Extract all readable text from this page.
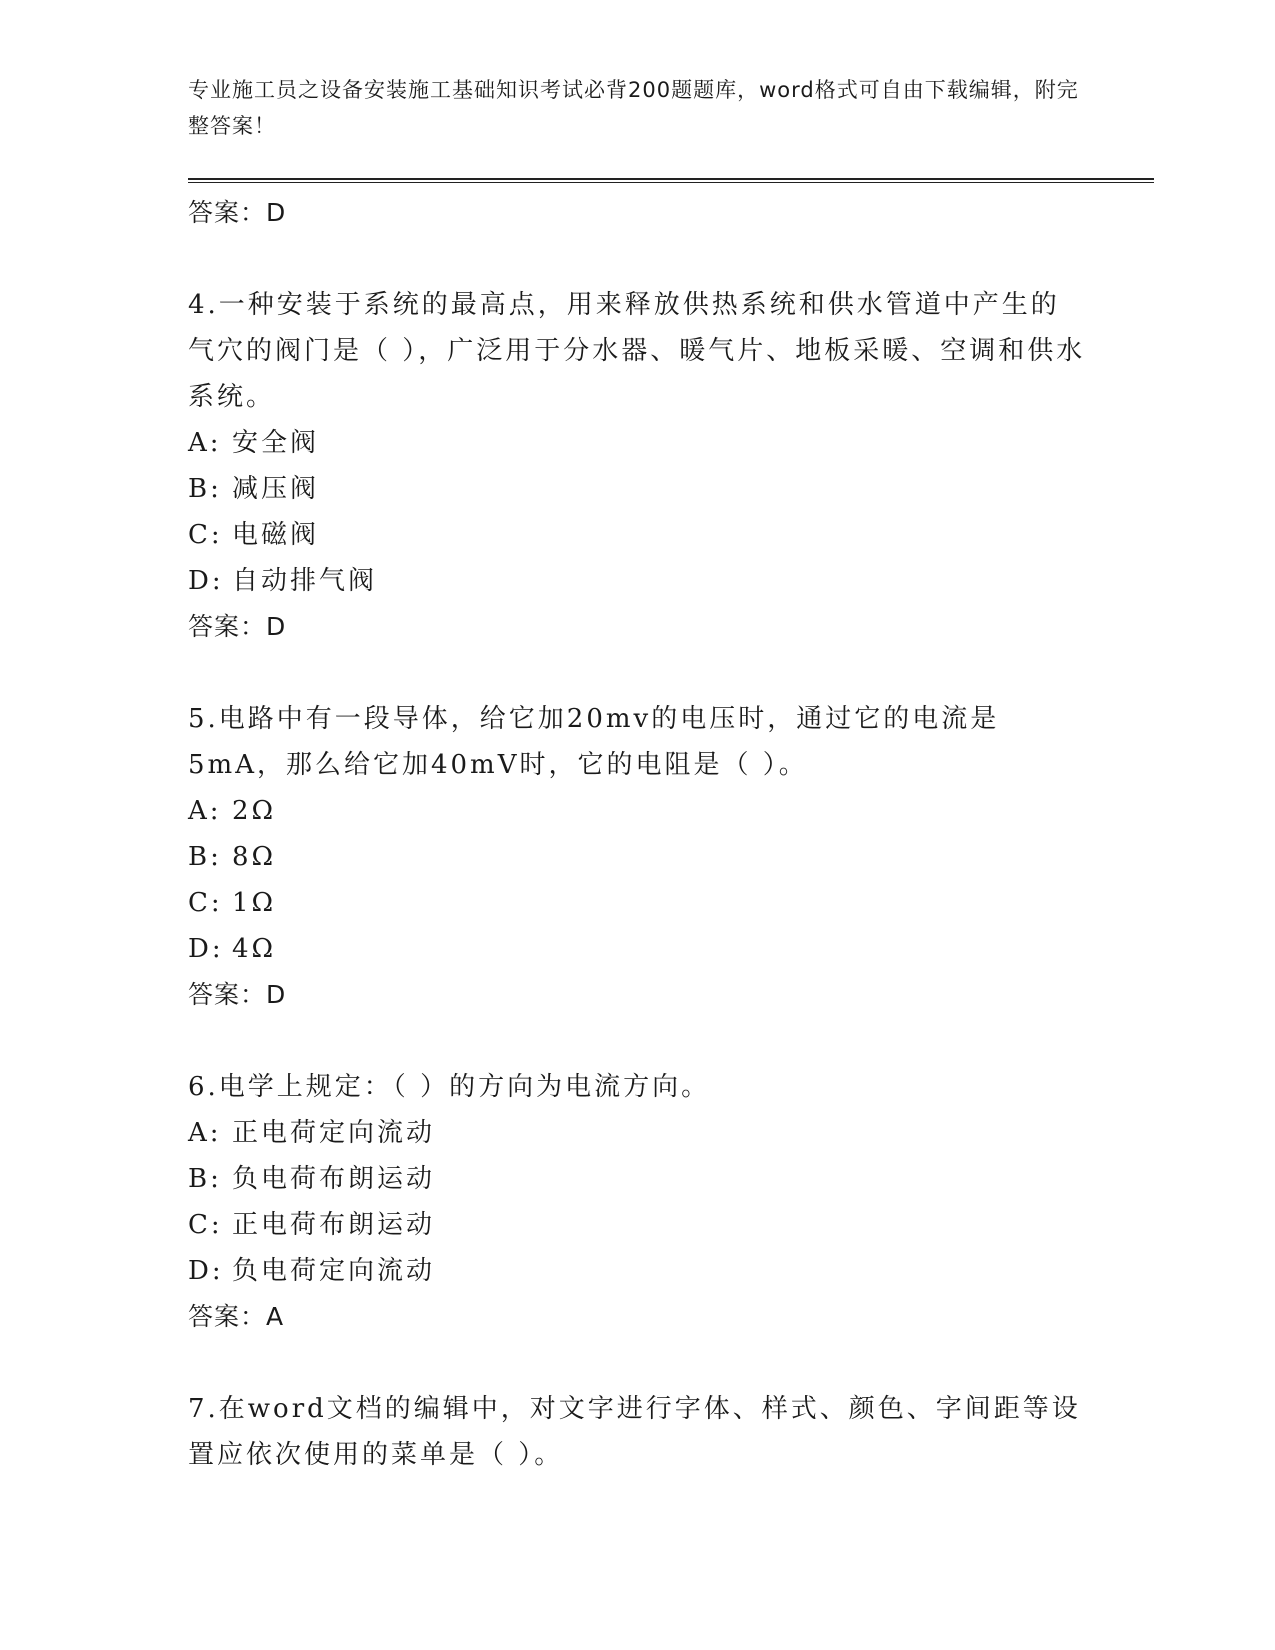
专业施工员之设备安装施工基础知识考试必背200题题库，word格式可自由下载编辑，附完整答案！
答案：D
4.一种安装于系统的最高点，用来释放供热系统和供水管道中产生的气穴的阀门是（ ），广泛用于分水器、暖气片、地板采暖、空调和供水系统。
A: 安全阀
B: 减压阀
C: 电磁阀
D: 自动排气阀
答案：D
5.电路中有一段导体，给它加20mv的电压时，通过它的电流是5mA，那么给它加40mV时，它的电阻是（ ）。
A: 2Ω
B: 8Ω
C: 1Ω
D: 4Ω
答案：D
6.电学上规定：（ ）的方向为电流方向。
A: 正电荷定向流动
B: 负电荷布朗运动
C: 正电荷布朗运动
D: 负电荷定向流动
答案：A
7.在word文档的编辑中，对文字进行字体、样式、颜色、字间距等设置应依次使用的菜单是（ ）。
